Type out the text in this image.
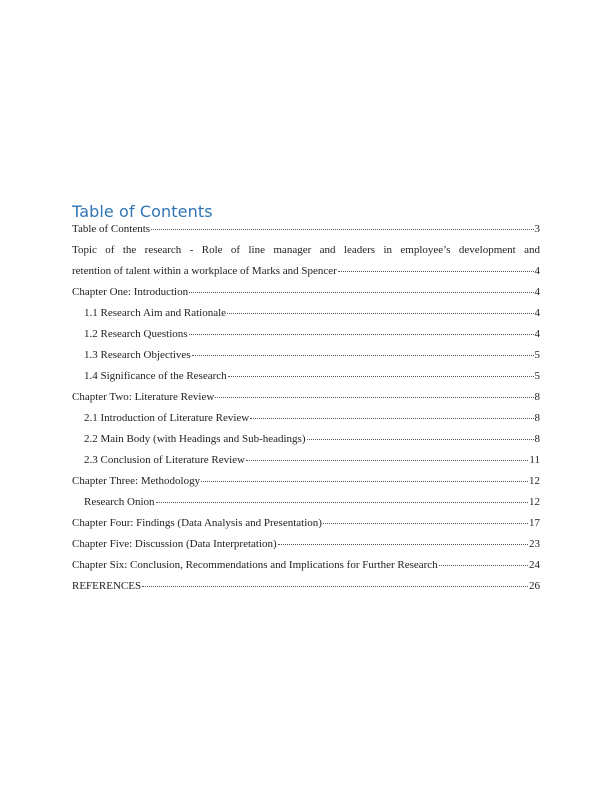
Table of Contents
Table of Contents	3
Topic of the research - Role of line manager and leaders in employee’s development and
retention of talent within a workplace of Marks and Spencer	4
Chapter One: Introduction	4
1.1 Research Aim and Rationale	4
1.2 Research Questions	4
1.3 Research Objectives	5
1.4 Significance of the Research	5
Chapter Two: Literature Review	8
2.1 Introduction of Literature Review	8
2.2 Main Body (with Headings and Sub-headings)	8
2.3 Conclusion of Literature Review	11
Chapter Three: Methodology	12
Research Onion	12
Chapter Four: Findings (Data Analysis and Presentation)	17
Chapter Five: Discussion (Data Interpretation)	23
Chapter Six: Conclusion, Recommendations and Implications for Further Research	24
REFERENCES	26
